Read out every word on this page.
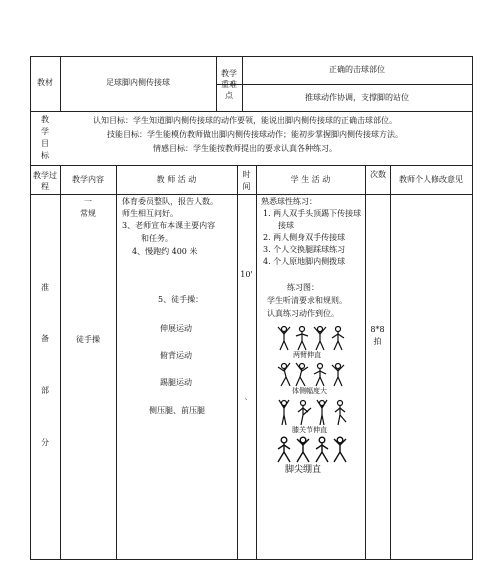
教材	足球脚内侧传接球
教学重难点
正确的击球部位
推球动作协调，支撑脚的站位
教学目标
认知目标：学生知道脚内侧传接球的动作要领，能说出脚内侧传接球的正确击球部位。
技能目标：学生能模仿教师做出脚内侧传接球动作；能初步掌握脚内侧传接球方法。
情感目标：学生能按教师提出的要求认真各种练习。
教学过程
教学内容	教 师 活 动
时间
学 生 活 动
次数
教师个人修改意见
准
备
部
分
一
常规
徒手操
体育委员整队，报告人数。
师生相互问好。
3、老师宣布本课主要内容
和任务。
4、慢跑约 400 米
5、徒手操：
伸展运动
俯背运动
踢腿运动
侧压腿、前压腿
10'
`
熟悉球性练习：
1. 两人双手头顶踢下传接球
接球
2. 两人侧身双手传接球
3. 个人交换腿踩球练习
4. 个人原地脚内侧拨球
练习图：
学生听清要求和规则。
认真练习动作到位。
两臂伸直
体侧幅度大
膝关节伸直
脚尖绷直
8*8
拍
